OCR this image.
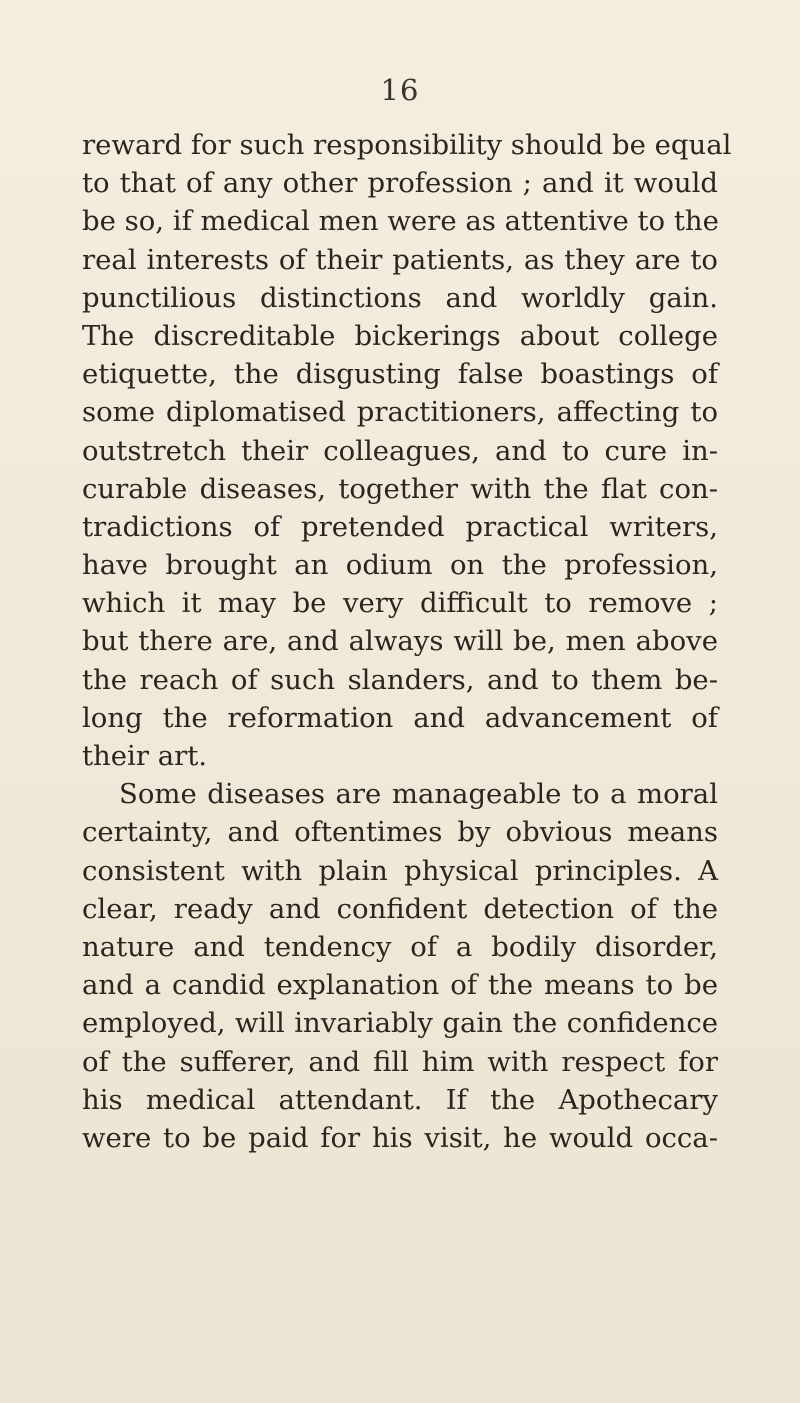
16
reward for such responsibility should be equal
to that of any other profession ; and it would
be so, if medical men were as attentive to the
real interests of their patients, as they are to
punctilious distinctions and worldly gain.
The discreditable bickerings about college
etiquette, the disgusting false boastings of
some diplomatised practitioners, affecting to
outstretch their colleagues, and to cure in-
curable diseases, together with the flat con-
tradictions of pretended practical writers,
have brought an odium on the profession,
which it may be very difficult to remove ;
but there are, and always will be, men above
the reach of such slanders, and to them be-
long the reformation and advancement of
their art.
Some diseases are manageable to a moral
certainty, and oftentimes by obvious means
consistent with plain physical principles. A
clear, ready and confident detection of the
nature and tendency of a bodily disorder,
and a candid explanation of the means to be
employed, will invariably gain the confidence
of the sufferer, and fill him with respect for
his medical attendant. If the Apothecary
were to be paid for his visit, he would occa-
